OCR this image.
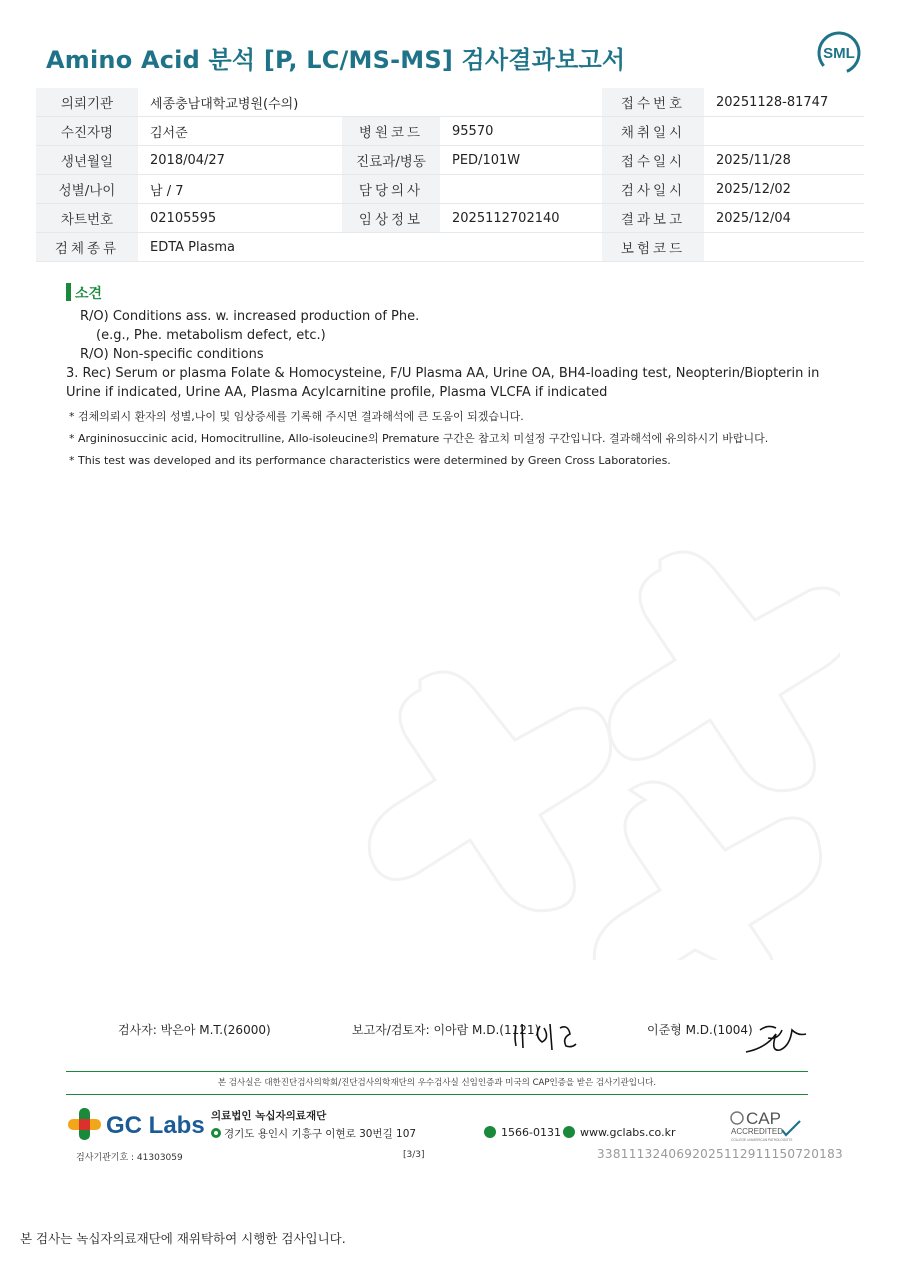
Amino Acid 분석 [P, LC/MS-MS] 검사결과보고서	SML
의뢰기관	세종충남대학교병원(수의)			접수번호	20251128-81747
수진자명	김서준	병원코드	95570	채취일시	
생년월일	2018/04/27	진료과/병동	PED/101W	접수일시	2025/11/28
성별/나이	남 / 7	담당의사		검사일시	2025/12/02
차트번호	02105595	임상정보	2025112702140	결과보고	2025/12/04
검체종류	EDTA Plasma			보험코드	
소견
R/O) Conditions ass. w. increased production of Phe.
(e.g., Phe. metabolism defect, etc.)
R/O) Non-specific conditions
3. Rec) Serum or plasma Folate & Homocysteine, F/U Plasma AA, Urine OA, BH4-loading test, Neopterin/Biopterin in
Urine if indicated, Urine AA, Plasma Acylcarnitine profile, Plasma VLCFA if indicated
* 검체의뢰시 환자의 성별,나이 및 임상증세를 기록해 주시면 결과해석에 큰 도움이 되겠습니다.
* Argininosuccinic acid, Homocitrulline, Allo-isoleucine의 Premature 구간은 참고치 미설정 구간입니다. 결과해석에 유의하시기 바랍니다.
* This test was developed and its performance characteristics were determined by Green Cross Laboratories.
검사자: 박은아 M.T.(26000)	보고자/검토자: 이아람 M.D.(1121)	이준형 M.D.(1004)
본 검사실은 대한진단검사의학회/진단검사의학재단의 우수검사실 신임인증과 미국의 CAP인증을 받은 검사기관입니다.
GC Labs 의료법인 녹십자의료재단
경기도 용인시 기흥구 이현로 30번길 107	1566-0131	www.gclabs.co.kr
CAP
ACCREDITED
COLLEGE of AMERICAN PATHOLOGISTS
검사기관기호 : 41303059	[3/3]	33811132406920251129111507201​83
본 검사는 녹십자의료재단에 재위탁하여 시행한 검사입니다.
